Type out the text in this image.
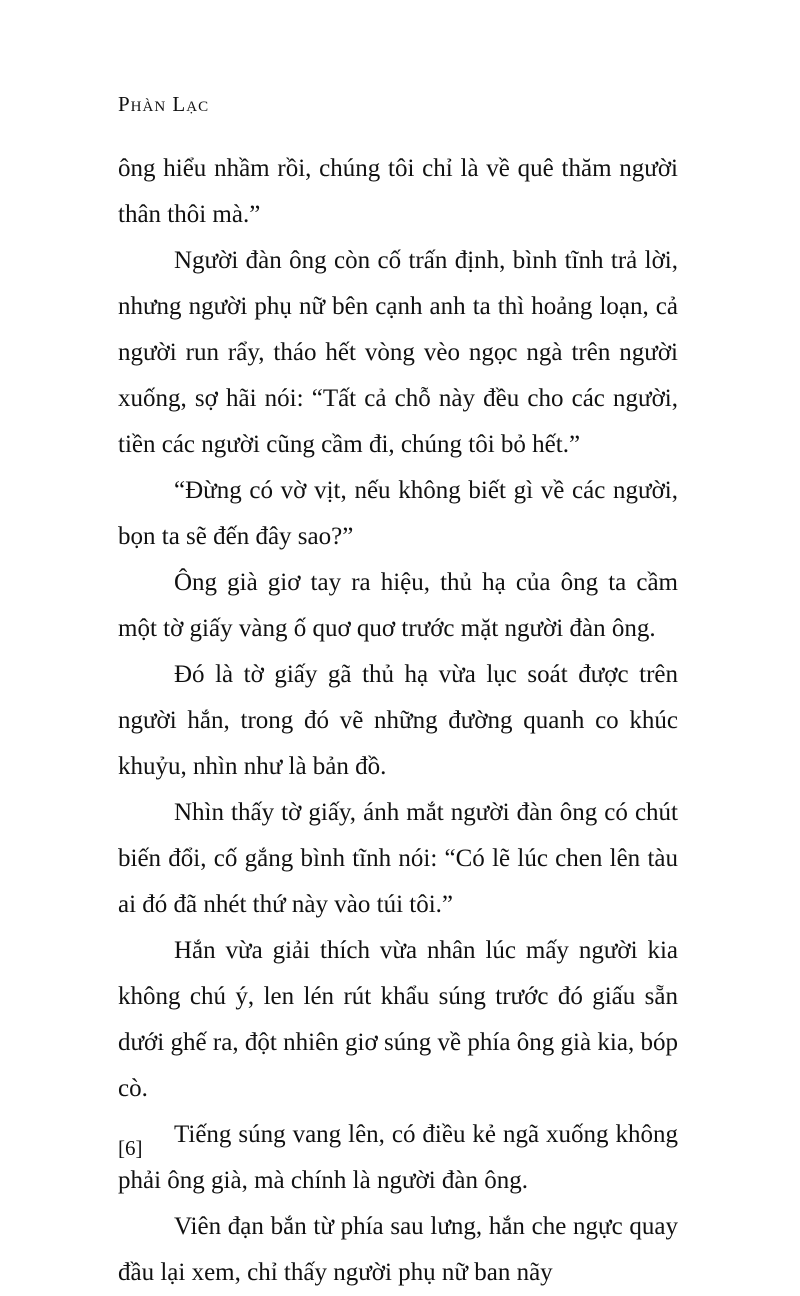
Phàn Lạc

ông hiểu nhầm rồi, chúng tôi chỉ là về quê thăm người thân thôi mà.”

Người đàn ông còn cố trấn định, bình tĩnh trả lời, nhưng người phụ nữ bên cạnh anh ta thì hoảng loạn, cả người run rẩy, tháo hết vòng vèo ngọc ngà trên người xuống, sợ hãi nói: “Tất cả chỗ này đều cho các người, tiền các người cũng cầm đi, chúng tôi bỏ hết.”

“Đừng có vờ vịt, nếu không biết gì về các người, bọn ta sẽ đến đây sao?”

Ông già giơ tay ra hiệu, thủ hạ của ông ta cầm một tờ giấy vàng ố quơ quơ trước mặt người đàn ông.

Đó là tờ giấy gã thủ hạ vừa lục soát được trên người hắn, trong đó vẽ những đường quanh co khúc khuỷu, nhìn như là bản đồ.

Nhìn thấy tờ giấy, ánh mắt người đàn ông có chút biến đổi, cố gắng bình tĩnh nói: “Có lẽ lúc chen lên tàu ai đó đã nhét thứ này vào túi tôi.”

Hắn vừa giải thích vừa nhân lúc mấy người kia không chú ý, len lén rút khẩu súng trước đó giấu sẵn dưới ghế ra, đột nhiên giơ súng về phía ông già kia, bóp cò.

Tiếng súng vang lên, có điều kẻ ngã xuống không phải ông già, mà chính là người đàn ông.

Viên đạn bắn từ phía sau lưng, hắn che ngực quay đầu lại xem, chỉ thấy người phụ nữ ban nãy

[6]
